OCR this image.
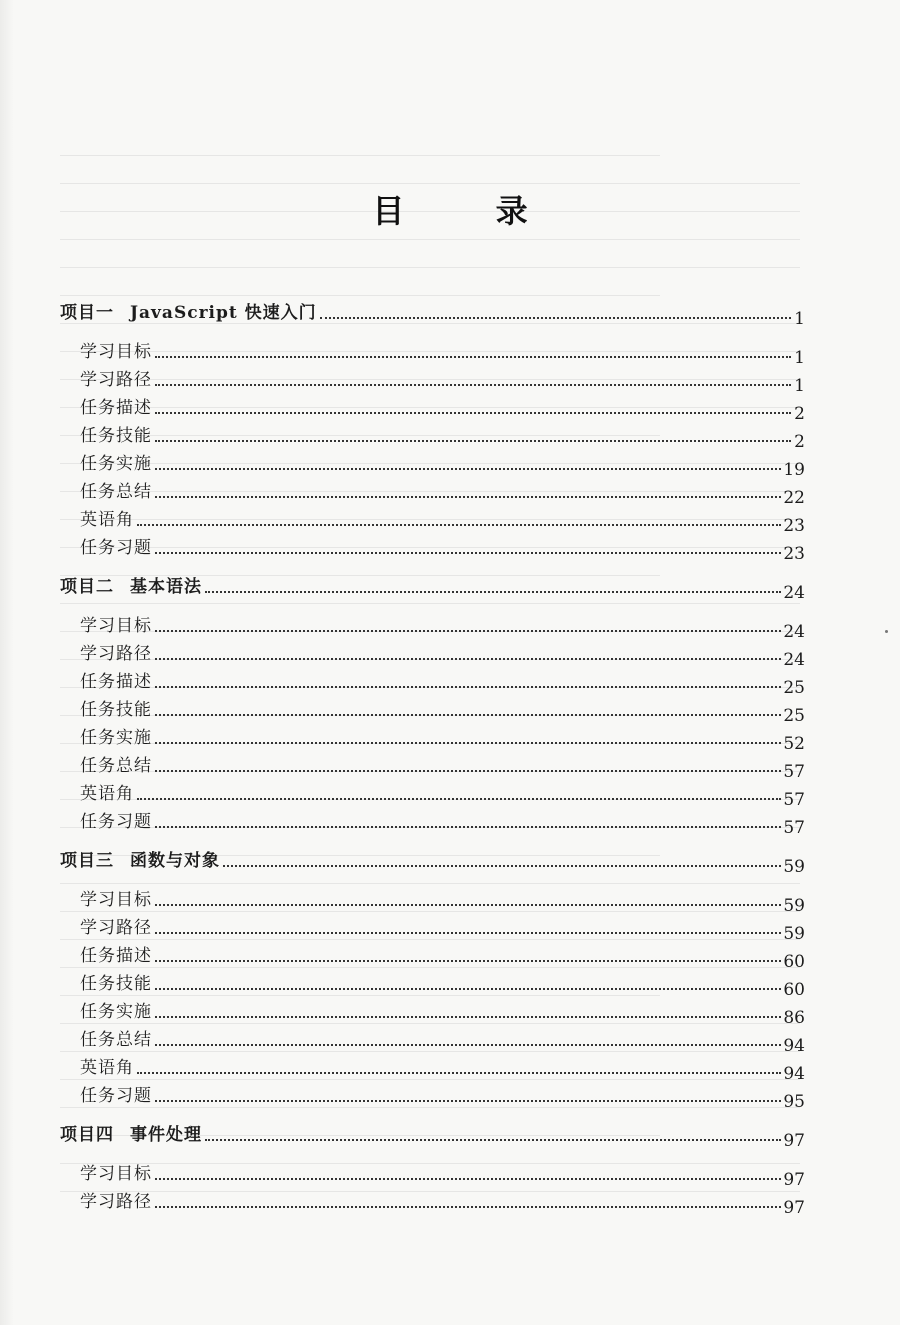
目 录
项目一 JavaScript 快速入门	1
学习目标	1
学习路径	1
任务描述	2
任务技能	2
任务实施	19
任务总结	22
英语角	23
任务习题	23
项目二 基本语法	24
学习目标	24
学习路径	24
任务描述	25
任务技能	25
任务实施	52
任务总结	57
英语角	57
任务习题	57
项目三 函数与对象	59
学习目标	59
学习路径	59
任务描述	60
任务技能	60
任务实施	86
任务总结	94
英语角	94
任务习题	95
项目四 事件处理	97
学习目标	97
学习路径	97
